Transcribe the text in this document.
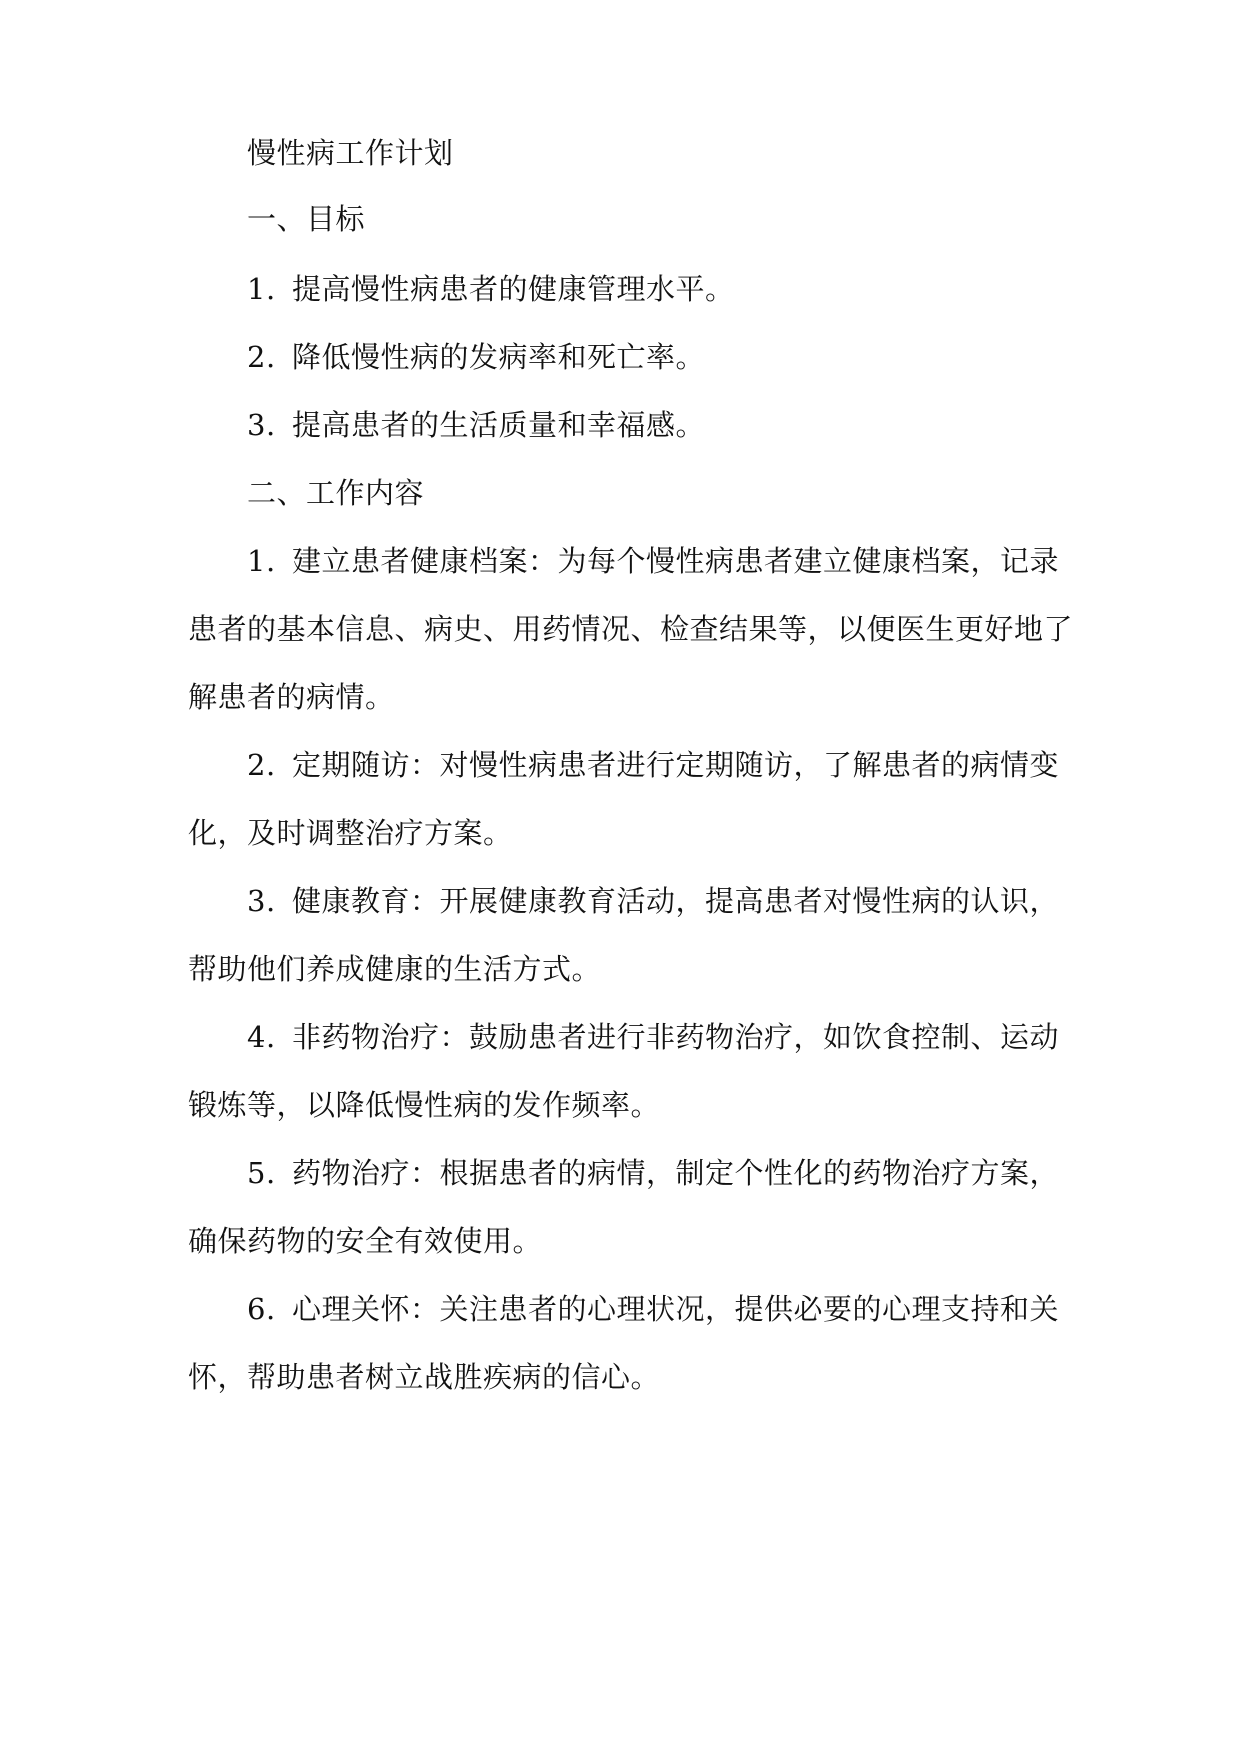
慢性病工作计划
一、目标
1. 提高慢性病患者的健康管理水平。
2. 降低慢性病的发病率和死亡率。
3. 提高患者的生活质量和幸福感。
二、工作内容
1. 建立患者健康档案：为每个慢性病患者建立健康档案，记录
患者的基本信息、病史、用药情况、检查结果等，以便医生更好地了
解患者的病情。
2. 定期随访：对慢性病患者进行定期随访，了解患者的病情变
化，及时调整治疗方案。
3. 健康教育：开展健康教育活动，提高患者对慢性病的认识，
帮助他们养成健康的生活方式。
4. 非药物治疗：鼓励患者进行非药物治疗，如饮食控制、运动
锻炼等，以降低慢性病的发作频率。
5. 药物治疗：根据患者的病情，制定个性化的药物治疗方案，
确保药物的安全有效使用。
6. 心理关怀：关注患者的心理状况，提供必要的心理支持和关
怀，帮助患者树立战胜疾病的信心。
